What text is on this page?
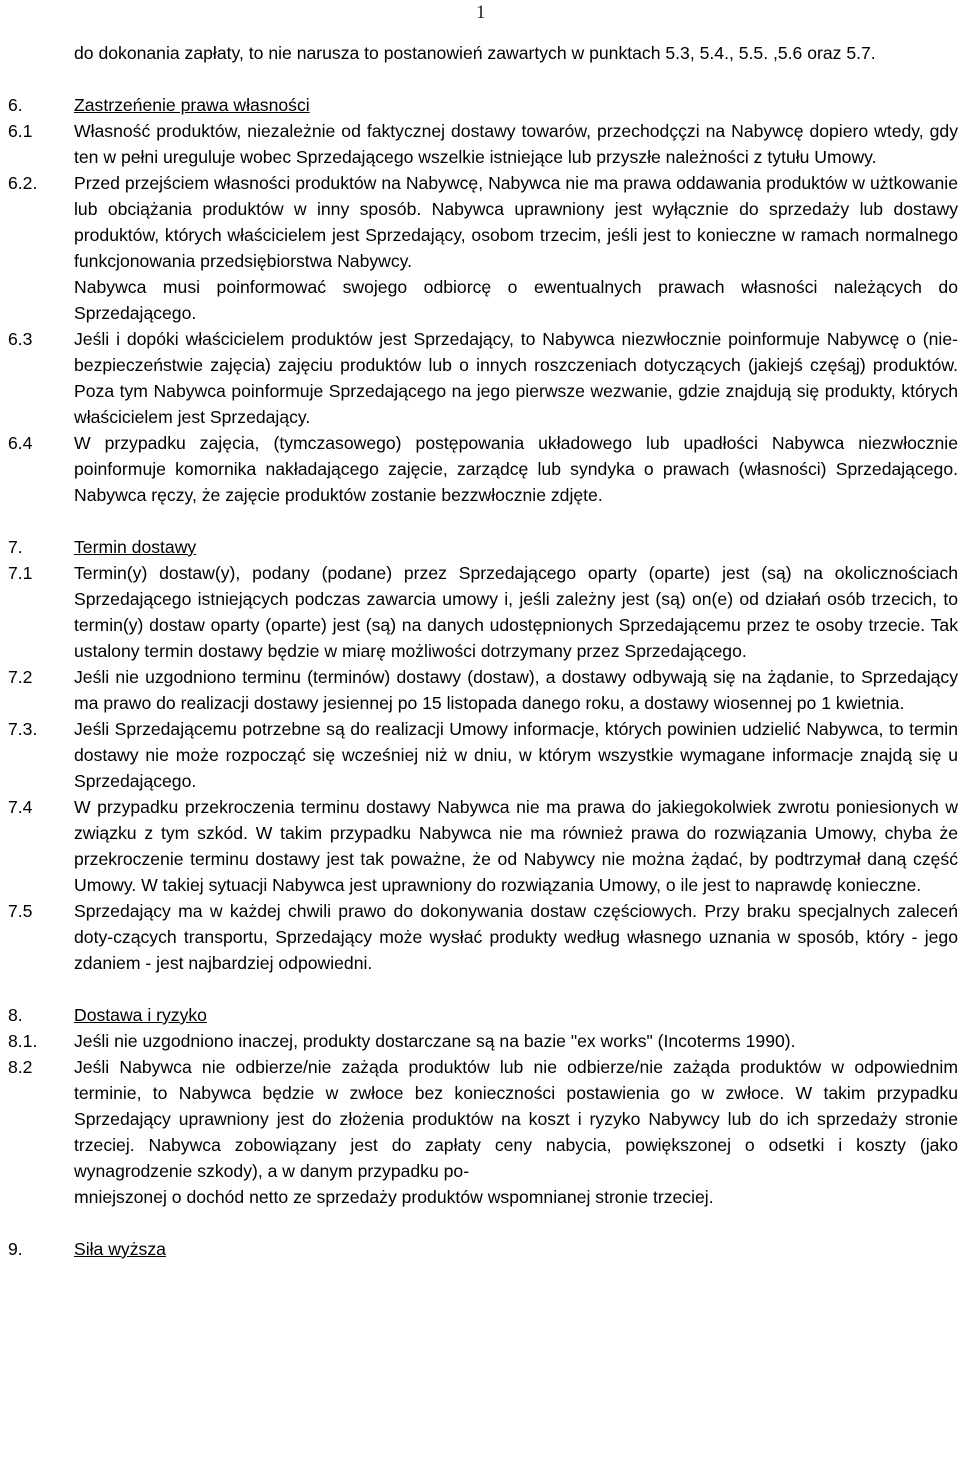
1
do dokonania zapłaty, to nie narusza to postanowień zawartych w punktach 5.3, 5.4., 5.5. ,5.6 oraz 5.7.
6.	Zastrzeńenie prawa własności
6.1	Własność produktów, niezależnie od faktycznej dostawy towarów, przechodççzi na Nabywcę dopiero wtedy, gdy ten w pełni ureguluje wobec Sprzedającego wszelkie istniejące lub przyszłe należności z tytułu Umowy.
6.2.	Przed przejściem własności produktów na Nabywcę, Nabywca nie ma prawa oddawania produktów w użtkowanie lub obciążania produktów w inny sposób. Nabywca uprawniony jest wyłącznie do sprzedaży lub dostawy produktów, których właścicielem jest Sprzedający, osobom trzecim, jeśli jest to konieczne w ramach normalnego funkcjonowania przedsiębiorstwa Nabywcy.
Nabywca musi poinformować swojego odbiorcę o ewentualnych prawach własności należących do Sprzedającego.
6.3	Jeśli i dopóki właścicielem produktów jest Sprzedający, to Nabywca niezwłocznie poinformuje Nabywcę o (nie-bezpieczeństwie zajęcia) zajęciu produktów lub o innych roszczeniach dotyczących (jakiejś częśąj) produktów. Poza tym Nabywca poinformuje Sprzedającego na jego pierwsze wezwanie, gdzie znajdują się produkty, których właścicielem jest Sprzedający.
6.4	W przypadku zajęcia, (tymczasowego) postępowania układowego lub upadłości Nabywca niezwłocznie poinformuje komornika nakładającego zajęcie, zarządcę lub syndyka o prawach (własności) Sprzedającego. Nabywca ręczy, że zajęcie produktów zostanie bezzwłocznie zdjęte.
7.	Termin dostawy
7.1	Termin(y) dostaw(y), podany (podane) przez Sprzedającego oparty (oparte) jest (są) na okolicznościach Sprzedającego istniejących podczas zawarcia umowy i, jeśli zależny jest (są) on(e) od działań osób trzecich, to termin(y) dostaw oparty (oparte) jest (są) na danych udostępnionych Sprzedającemu przez te osoby trzecie. Tak ustalony termin dostawy będzie w miarę możliwości dotrzymany przez Sprzedającego.
7.2	Jeśli nie uzgodniono terminu (terminów) dostawy (dostaw), a dostawy odbywają się na żądanie, to Sprzedający ma prawo do realizacji dostawy jesiennej po 15 listopada danego roku, a dostawy wiosennej po 1 kwietnia.
7.3.	Jeśli Sprzedającemu potrzebne są do realizacji Umowy informacje, których powinien udzielić Nabywca, to termin dostawy nie może rozpocząć się wcześniej niż w dniu, w którym wszystkie wymagane informacje znajdą się u Sprzedającego.
7.4	W przypadku przekroczenia terminu dostawy Nabywca nie ma prawa do jakiegokolwiek zwrotu poniesionych w związku z tym szkód. W takim przypadku Nabywca nie ma również prawa do rozwiązania Umowy, chyba że przekroczenie terminu dostawy jest tak poważne, że od Nabywcy nie można żądać, by podtrzymał daną część Umowy. W takiej sytuacji Nabywca jest uprawniony do rozwiązania Umowy, o ile jest to naprawdę konieczne.
7.5	Sprzedający ma w każdej chwili prawo do dokonywania dostaw częściowych. Przy braku specjalnych zaleceń doty-czących transportu, Sprzedający może wysłać produkty według własnego uznania w sposób, który - jego zdaniem - jest najbardziej odpowiedni.
8.	Dostawa i ryzyko
8.1.	Jeśli nie uzgodniono inaczej, produkty dostarczane są na bazie "ex works" (Incoterms 1990).
8.2	Jeśli Nabywca nie odbierze/nie zażąda produktów lub nie odbierze/nie zażąda produktów w odpowiednim terminie, to Nabywca będzie w zwłoce bez konieczności postawienia go w zwłoce. W takim przypadku Sprzedający uprawniony jest do złożenia produktów na koszt i ryzyko Nabywcy lub do ich sprzedaży stronie trzeciej. Nabywca zobowiązany jest do zapłaty ceny nabycia, powiększonej o odsetki i koszty (jako wynagrodzenie szkody), a w danym przypadku po-
mniejszonej o dochód netto ze sprzedaży produktów wspomnianej stronie trzeciej.
9.	Siła wyższa
